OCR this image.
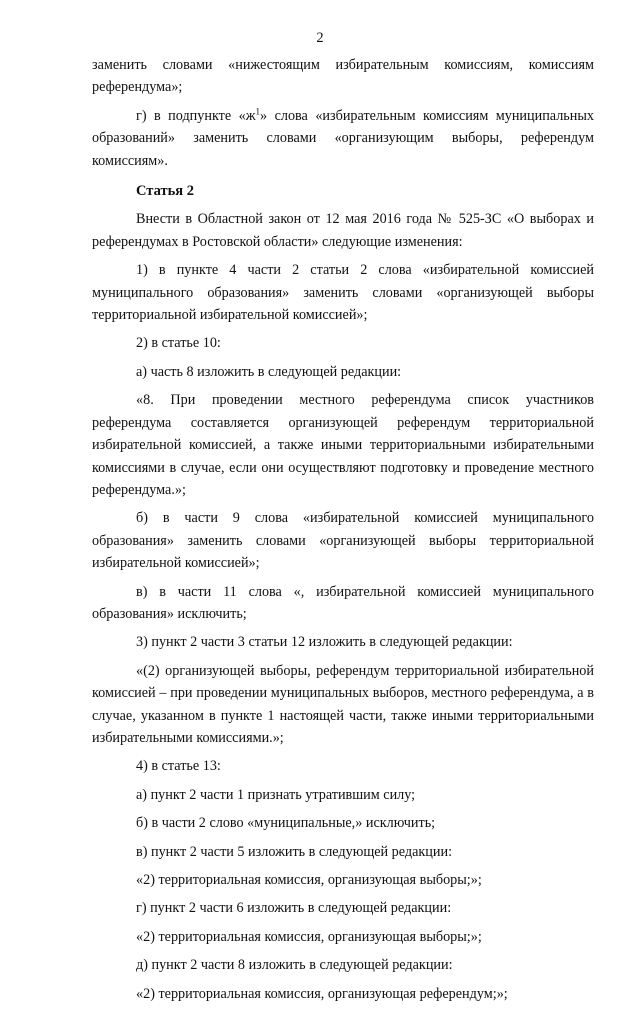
2

заменить словами «нижестоящим избирательным комиссиям, комиссиям референдума»;

г) в подпункте «$ж^1$» слова «избирательным комиссиям муниципальных образований» заменить словами «организующим выборы, референдум комиссиям».

Статья 2

Внести в Областной закон от 12 мая 2016 года № 525-ЗС «О выборах и референдумах в Ростовской области» следующие изменения:

1) в пункте 4 части 2 статьи 2 слова «избирательной комиссией муниципального образования» заменить словами «организующей выборы территориальной избирательной комиссией»;

2) в статье 10:

а) часть 8 изложить в следующей редакции:

«8. При проведении местного референдума список участников референдума составляется организующей референдум территориальной избирательной комиссией, а также иными территориальными избирательными комиссиями в случае, если они осуществляют подготовку и проведение местного референдума.»;

б) в части 9 слова «избирательной комиссией муниципального образования» заменить словами «организующей выборы территориальной избирательной комиссией»;

в) в части 11 слова «, избирательной комиссией муниципального образования» исключить;

3) пункт 2 части 3 статьи 12 изложить в следующей редакции:

«(2) организующей выборы, референдум территориальной избирательной комиссией – при проведении муниципальных выборов, местного референдума, а в случае, указанном в пункте 1 настоящей части, также иными территориальными избирательными комиссиями.»;

4) в статье 13:

а) пункт 2 части 1 признать утратившим силу;

б) в части 2 слово «муниципальные,» исключить;

в) пункт 2 части 5 изложить в следующей редакции:

«2) территориальная комиссия, организующая выборы;»;

г) пункт 2 части 6 изложить в следующей редакции:

«2) территориальная комиссия, организующая выборы;»;

д) пункт 2 части 8 изложить в следующей редакции:

«2) территориальная комиссия, организующая референдум;»;
